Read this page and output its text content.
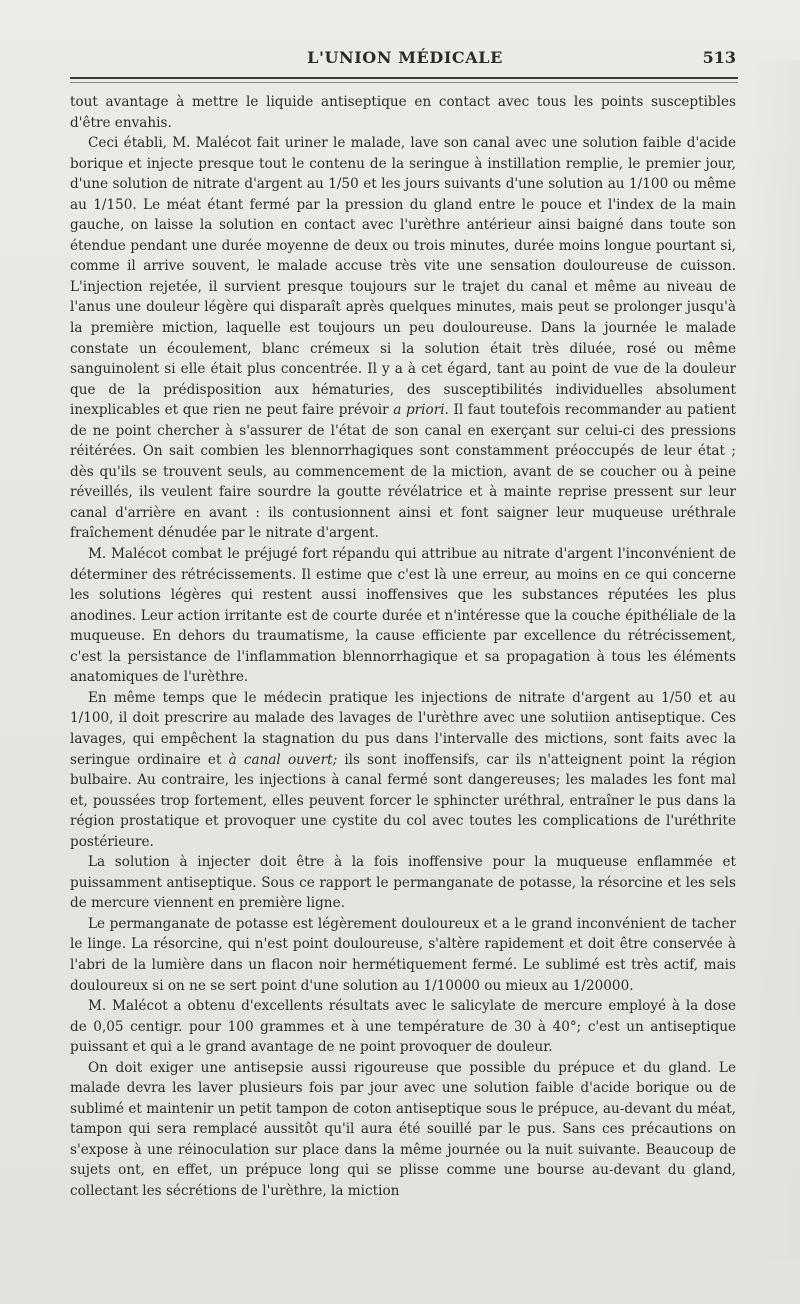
L'UNION MÉDICALE	513

tout avantage à mettre le liquide antiseptique en contact avec tous les points susceptibles d'être envahis.

Ceci établi, M. Malécot fait uriner le malade, lave son canal avec une solution faible d'acide borique et injecte presque tout le contenu de la seringue à instillation remplie, le premier jour, d'une solution de nitrate d'argent au 1/50 et les jours suivants d'une solution au 1/100 ou même au 1/150. Le méat étant fermé par la pression du gland entre le pouce et l'index de la main gauche, on laisse la solution en contact avec l'urèthre antérieur ainsi baigné dans toute son étendue pendant une durée moyenne de deux ou trois minutes, durée moins longue pourtant si, comme il arrive souvent, le malade accuse très vite une sensation douloureuse de cuisson. L'injection rejetée, il survient presque toujours sur le trajet du canal et même au niveau de l'anus une douleur légère qui disparaît après quelques minutes, mais peut se prolonger jusqu'à la première miction, laquelle est toujours un peu douloureuse. Dans la journée le malade constate un écoulement, blanc crémeux si la solution était très diluée, rosé ou même sanguinolent si elle était plus concentrée. Il y a à cet égard, tant au point de vue de la douleur que de la prédisposition aux hématuries, des susceptibilités individuelles absolument inexplicables et que rien ne peut faire prévoir a priori. Il faut toutefois recommander au patient de ne point chercher à s'assurer de l'état de son canal en exerçant sur celui-ci des pressions réitérées. On sait combien les blennorrhagiques sont constamment préoccupés de leur état ; dès qu'ils se trouvent seuls, au commencement de la miction, avant de se coucher ou à peine réveillés, ils veulent faire sourdre la goutte révélatrice et à mainte reprise pressent sur leur canal d'arrière en avant : ils contusionnent ainsi et font saigner leur muqueuse uréthrale fraîchement dénudée par le nitrate d'argent.

M. Malécot combat le préjugé fort répandu qui attribue au nitrate d'argent l'inconvénient de déterminer des rétrécissements. Il estime que c'est là une erreur, au moins en ce qui concerne les solutions légères qui restent aussi inoffensives que les substances réputées les plus anodines. Leur action irritante est de courte durée et n'intéresse que la couche épithéliale de la muqueuse. En dehors du traumatisme, la cause efficiente par excellence du rétrécissement, c'est la persistance de l'inflammation blennorrhagique et sa propagation à tous les éléments anatomiques de l'urèthre.

En même temps que le médecin pratique les injections de nitrate d'argent au 1/50 et au 1/100, il doit prescrire au malade des lavages de l'urèthre avec une solutiion antiseptique. Ces lavages, qui empêchent la stagnation du pus dans l'intervalle des mictions, sont faits avec la seringue ordinaire et à canal ouvert; ils sont inoffensifs, car ils n'atteignent point la région bulbaire. Au contraire, les injections à canal fermé sont dangereuses; les malades les font mal et, poussées trop fortement, elles peuvent forcer le sphincter uréthral, entraîner le pus dans la région prostatique et provoquer une cystite du col avec toutes les complications de l'uréthrite postérieure.

La solution à injecter doit être à la fois inoffensive pour la muqueuse enflammée et puissamment antiseptique. Sous ce rapport le permanganate de potasse, la résorcine et les sels de mercure viennent en première ligne.

Le permanganate de potasse est légèrement douloureux et a le grand inconvénient de tacher le linge. La résorcine, qui n'est point douloureuse, s'altère rapidement et doit être conservée à l'abri de la lumière dans un flacon noir hermétiquement fermé. Le sublimé est très actif, mais douloureux si on ne se sert point d'une solution au 1/10000 ou mieux au 1/20000.

M. Malécot a obtenu d'excellents résultats avec le salicylate de mercure employé à la dose de 0,05 centigr. pour 100 grammes et à une température de 30 à 40°; c'est un antiseptique puissant et qui a le grand avantage de ne point provoquer de douleur.

On doit exiger une antisepsie aussi rigoureuse que possible du prépuce et du gland. Le malade devra les laver plusieurs fois par jour avec une solution faible d'acide borique ou de sublimé et maintenir un petit tampon de coton antiseptique sous le prépuce, au-devant du méat, tampon qui sera remplacé aussitôt qu'il aura été souillé par le pus. Sans ces précautions on s'expose à une réinoculation sur place dans la même journée ou la nuit suivante. Beaucoup de sujets ont, en effet, un prépuce long qui se plisse comme une bourse au-devant du gland, collectant les sécrétions de l'urèthre, la miction
